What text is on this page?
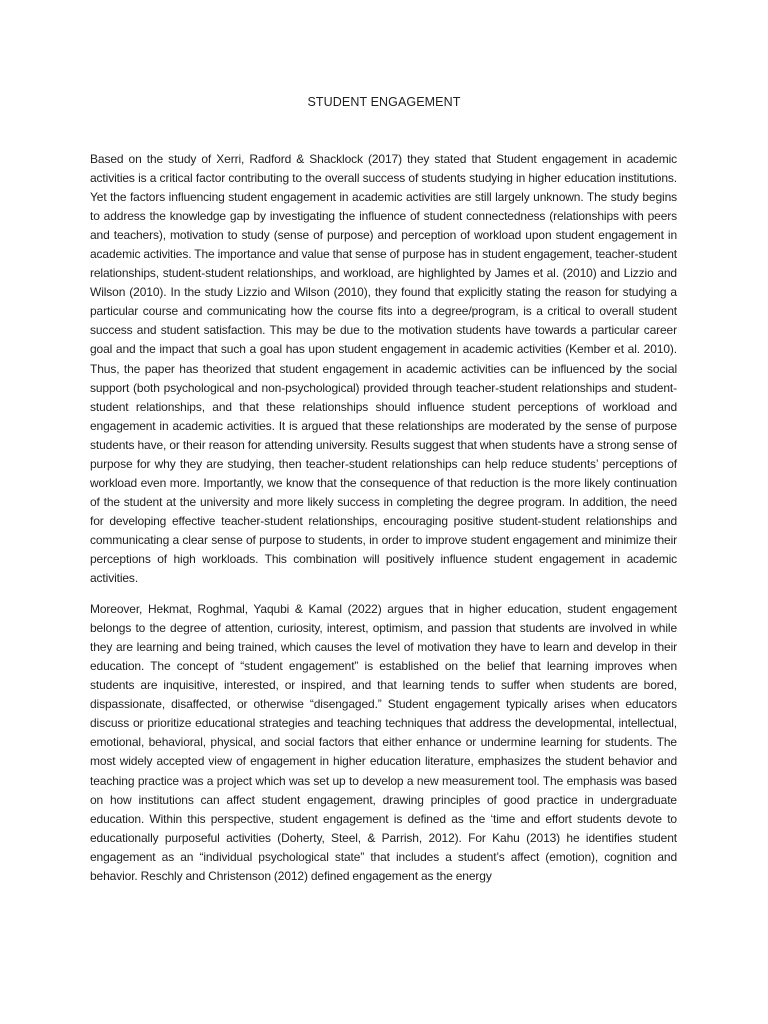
STUDENT ENGAGEMENT

Based on the study of Xerri, Radford & Shacklock (2017) they stated that Student engagement in academic activities is a critical factor contributing to the overall success of students studying in higher education institutions. Yet the factors influencing student engagement in academic activities are still largely unknown. The study begins to address the knowledge gap by investigating the influence of student connectedness (relationships with peers and teachers), motivation to study (sense of purpose) and perception of workload upon student engagement in academic activities. The importance and value that sense of purpose has in student engagement, teacher-student relationships, student-student relationships, and workload, are highlighted by James et al. (2010) and Lizzio and Wilson (2010). In the study Lizzio and Wilson (2010), they found that explicitly stating the reason for studying a particular course and communicating how the course fits into a degree/program, is a critical to overall student success and student satisfaction. This may be due to the motivation students have towards a particular career goal and the impact that such a goal has upon student engagement in academic activities (Kember et al. 2010). Thus, the paper has theorized that student engagement in academic activities can be influenced by the social support (both psychological and non-psychological) provided through teacher-student relationships and student-student relationships, and that these relationships should influence student perceptions of workload and engagement in academic activities. It is argued that these relationships are moderated by the sense of purpose students have, or their reason for attending university. Results suggest that when students have a strong sense of purpose for why they are studying, then teacher-student relationships can help reduce students’ perceptions of workload even more. Importantly, we know that the consequence of that reduction is the more likely continuation of the student at the university and more likely success in completing the degree program. In addition, the need for developing effective teacher-student relationships, encouraging positive student-student relationships and communicating a clear sense of purpose to students, in order to improve student engagement and minimize their perceptions of high workloads. This combination will positively influence student engagement in academic activities.

Moreover, Hekmat, Roghmal, Yaqubi & Kamal (2022) argues that in higher education, student engagement belongs to the degree of attention, curiosity, interest, optimism, and passion that students are involved in while they are learning and being trained, which causes the level of motivation they have to learn and develop in their education. The concept of “student engagement” is established on the belief that learning improves when students are inquisitive, interested, or inspired, and that learning tends to suffer when students are bored, dispassionate, disaffected, or otherwise “disengaged.” Student engagement typically arises when educators discuss or prioritize educational strategies and teaching techniques that address the developmental, intellectual, emotional, behavioral, physical, and social factors that either enhance or undermine learning for students. The most widely accepted view of engagement in higher education literature, emphasizes the student behavior and teaching practice was a project which was set up to develop a new measurement tool. The emphasis was based on how institutions can affect student engagement, drawing principles of good practice in undergraduate education. Within this perspective, student engagement is defined as the ‘time and effort students devote to educationally purposeful activities (Doherty, Steel, & Parrish, 2012). For Kahu (2013) he identifies student engagement as an “individual psychological state” that includes a student’s affect (emotion), cognition and behavior. Reschly and Christenson (2012) defined engagement as the energy
